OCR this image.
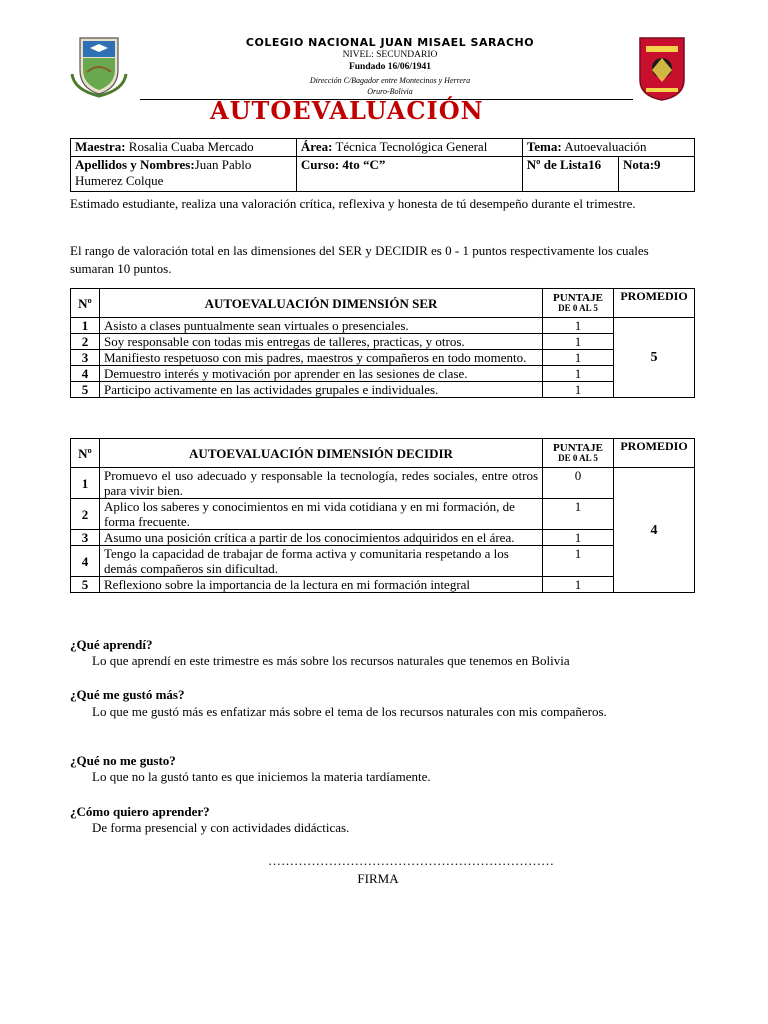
COLEGIO NACIONAL JUAN MISAEL SARACHO
NIVEL: SECUNDARIO
Fundado 16/06/1941
Dirección C/Bagador entre Montecinos y Herrera
Oruro-Bolivia
AUTOEVALUACIÓN
Maestra: Rosalia Cuaba Mercado	Área: Técnica Tecnológica General	Tema: Autoevaluación	
Apellidos y Nombres:Juan Pablo Humerez Colque	Curso: 4to “C”	Nº de Lista16	Nota:9
Estimado estudiante, realiza una valoración crítica, reflexiva y honesta de tú desempeño durante el trimestre.
El rango de valoración total en las dimensiones del SER y DECIDIR es 0 - 1 puntos respectivamente los cuales sumaran 10 puntos.
Nº	AUTOEVALUACIÓN DIMENSIÓN SER	PUNTAJE
DE 0 AL 5	PROMEDIO
1	Asisto a clases puntualmente sean virtuales o presenciales.	1	5
2	Soy responsable con todas mis entregas de talleres, practicas, y otros.	1	
3	Manifiesto respetuoso con mis padres, maestros y compañeros en todo momento.	1	
4	Demuestro interés y motivación por aprender en las sesiones de clase.	1	
5	Participo activamente en las actividades grupales e individuales.	1	
Nº	AUTOEVALUACIÓN DIMENSIÓN DECIDIR	PUNTAJE
DE 0 AL 5	PROMEDIO
1	Promuevo el uso adecuado y responsable la tecnología, redes sociales, entre otros para vivir bien.	0	4
2	Aplico los saberes y conocimientos en mi vida cotidiana y en mi formación, de forma frecuente.	1	
3	Asumo una posición crítica a partir de los conocimientos adquiridos en el área.	1	
4	Tengo la capacidad de trabajar de forma activa y comunitaria respetando a los demás compañeros sin dificultad.	1	
5	Reflexiono sobre la importancia de la lectura en mi formación integral	1	
¿Qué aprendí?
Lo que aprendí en este trimestre es más sobre los recursos naturales que tenemos en Bolivia
¿Qué me gustó más?
Lo que me gustó más es enfatizar más sobre el tema de los recursos naturales con mis compañeros.
¿Qué no me gusto?
Lo que no la gustó tanto es que iniciemos la materia tardíamente.
¿Cómo quiero aprender?
De forma presencial y con actividades didácticas.
…………………………………………………………
FIRMA
